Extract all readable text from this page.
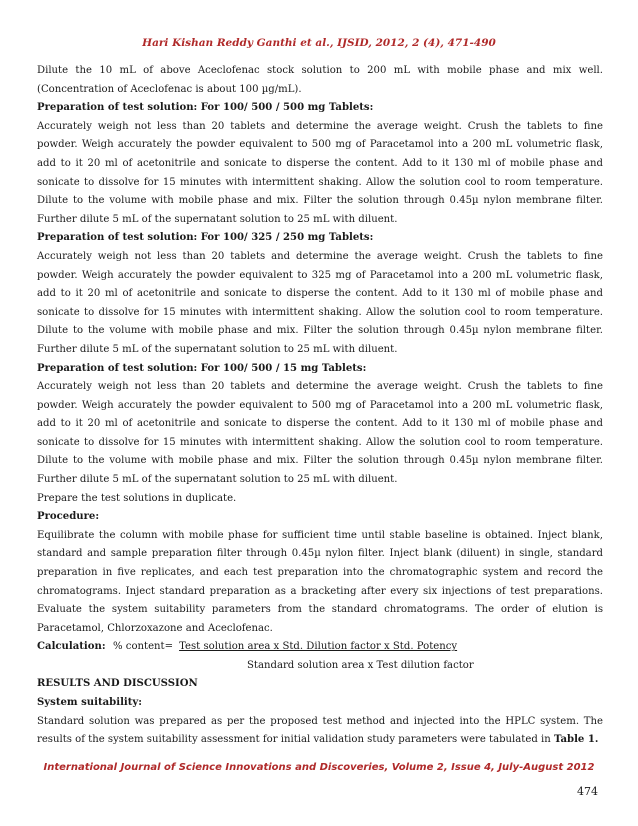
Hari Kishan Reddy Ganthi et al., IJSID, 2012, 2 (4), 471-490

Dilute the 10 mL of above Aceclofenac stock solution to 200 mL with mobile phase and mix well. (Concentration of Aceclofenac is about 100 µg/mL).

Preparation of test solution: For 100/ 500 / 500 mg Tablets:

Accurately weigh not less than 20 tablets and determine the average weight. Crush the tablets to fine powder. Weigh accurately the powder equivalent to 500 mg of Paracetamol into a 200 mL volumetric flask, add to it 20 ml of acetonitrile and sonicate to disperse the content. Add to it 130 ml of mobile phase and sonicate to dissolve for 15 minutes with intermittent shaking. Allow the solution cool to room temperature. Dilute to the volume with mobile phase and mix. Filter the solution through 0.45µ nylon membrane filter. Further dilute 5 mL of the supernatant solution to 25 mL with diluent.

Preparation of test solution: For 100/ 325 / 250 mg Tablets:

Accurately weigh not less than 20 tablets and determine the average weight. Crush the tablets to fine powder. Weigh accurately the powder equivalent to 325 mg of Paracetamol into a 200 mL volumetric flask, add to it 20 ml of acetonitrile and sonicate to disperse the content. Add to it 130 ml of mobile phase and sonicate to dissolve for 15 minutes with intermittent shaking. Allow the solution cool to room temperature. Dilute to the volume with mobile phase and mix. Filter the solution through 0.45µ nylon membrane filter. Further dilute 5 mL of the supernatant solution to 25 mL with diluent.

Preparation of test solution: For 100/ 500 / 15 mg Tablets:

Accurately weigh not less than 20 tablets and determine the average weight. Crush the tablets to fine powder. Weigh accurately the powder equivalent to 500 mg of Paracetamol into a 200 mL volumetric flask, add to it 20 ml of acetonitrile and sonicate to disperse the content. Add to it 130 ml of mobile phase and sonicate to dissolve for 15 minutes with intermittent shaking. Allow the solution cool to room temperature. Dilute to the volume with mobile phase and mix. Filter the solution through 0.45µ nylon membrane filter. Further dilute 5 mL of the supernatant solution to 25 mL with diluent.

Prepare the test solutions in duplicate.

Procedure:

Equilibrate the column with mobile phase for sufficient time until stable baseline is obtained. Inject blank, standard and sample preparation filter through 0.45µ nylon filter. Inject blank (diluent) in single, standard preparation in five replicates, and each test preparation into the chromatographic system and record the chromatograms. Inject standard preparation as a bracketing after every six injections of test preparations. Evaluate the system suitability parameters from the standard chromatograms. The order of elution is Paracetamol, Chlorzoxazone and Aceclofenac.

Calculation: % content= Test solution area x Std. Dilution factor x Std. Potency
Standard solution area x Test dilution factor

RESULTS AND DISCUSSION

System suitability:

Standard solution was prepared as per the proposed test method and injected into the HPLC system. The results of the system suitability assessment for initial validation study parameters were tabulated in Table 1.

International Journal of Science Innovations and Discoveries, Volume 2, Issue 4, July-August 2012
474
